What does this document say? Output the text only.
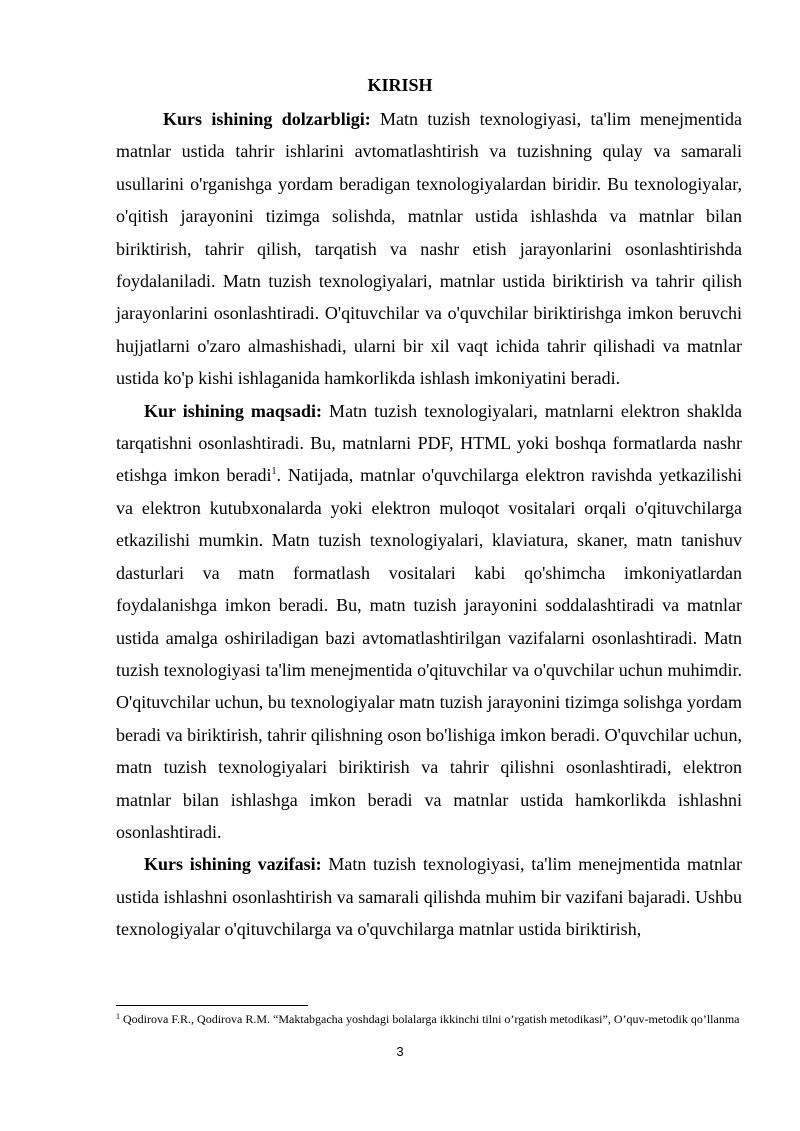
KIRISH

Kurs ishining dolzarbligi: Matn tuzish texnologiyasi, ta'lim menejmentida matnlar ustida tahrir ishlarini avtomatlashtirish va tuzishning qulay va samarali usullarini o'rganishga yordam beradigan texnologiyalardan biridir. Bu texnologiyalar, o'qitish jarayonini tizimga solishda, matnlar ustida ishlashda va matnlar bilan biriktirish, tahrir qilish, tarqatish va nashr etish jarayonlarini osonlashtirishda foydalaniladi. Matn tuzish texnologiyalari, matnlar ustida biriktirish va tahrir qilish jarayonlarini osonlashtiradi. O'qituvchilar va o'quvchilar biriktirishga imkon beruvchi hujjatlarni o'zaro almashishadi, ularni bir xil vaqt ichida tahrir qilishadi va matnlar ustida ko'p kishi ishlaganida hamkorlikda ishlash imkoniyatini beradi.

Kur ishining maqsadi: Matn tuzish texnologiyalari, matnlarni elektron shaklda tarqatishni osonlashtiradi. Bu, matnlarni PDF, HTML yoki boshqa formatlarda nashr etishga imkon beradi$^1$. Natijada, matnlar o'quvchilarga elektron ravishda yetkazilishi va elektron kutubxonalarda yoki elektron muloqot vositalari orqali o'qituvchilarga etkazilishi mumkin. Matn tuzish texnologiyalari, klaviatura, skaner, matn tanishuv dasturlari va matn formatlash vositalari kabi qo'shimcha imkoniyatlardan foydalanishga imkon beradi. Bu, matn tuzish jarayonini soddalashtiradi va matnlar ustida amalga oshiriladigan bazi avtomatlashtirilgan vazifalarni osonlashtiradi. Matn tuzish texnologiyasi ta'lim menejmentida o'qituvchilar va o'quvchilar uchun muhimdir. O'qituvchilar uchun, bu texnologiyalar matn tuzish jarayonini tizimga solishga yordam beradi va biriktirish, tahrir qilishning oson bo'lishiga imkon beradi. O'quvchilar uchun, matn tuzish texnologiyalari biriktirish va tahrir qilishni osonlashtiradi, elektron matnlar bilan ishlashga imkon beradi va matnlar ustida hamkorlikda ishlashni osonlashtiradi.

Kurs ishining vazifasi: Matn tuzish texnologiyasi, ta'lim menejmentida matnlar ustida ishlashni osonlashtirish va samarali qilishda muhim bir vazifani bajaradi. Ushbu texnologiyalar o'qituvchilarga va o'quvchilarga matnlar ustida biriktirish,

$^1$ Qodirova F.R., Qodirova R.M. “Maktabgacha yoshdagi bolalarga ikkinchi tilni o’rgatish metodikasi”, O’quv-metodik qo’llanma
3
